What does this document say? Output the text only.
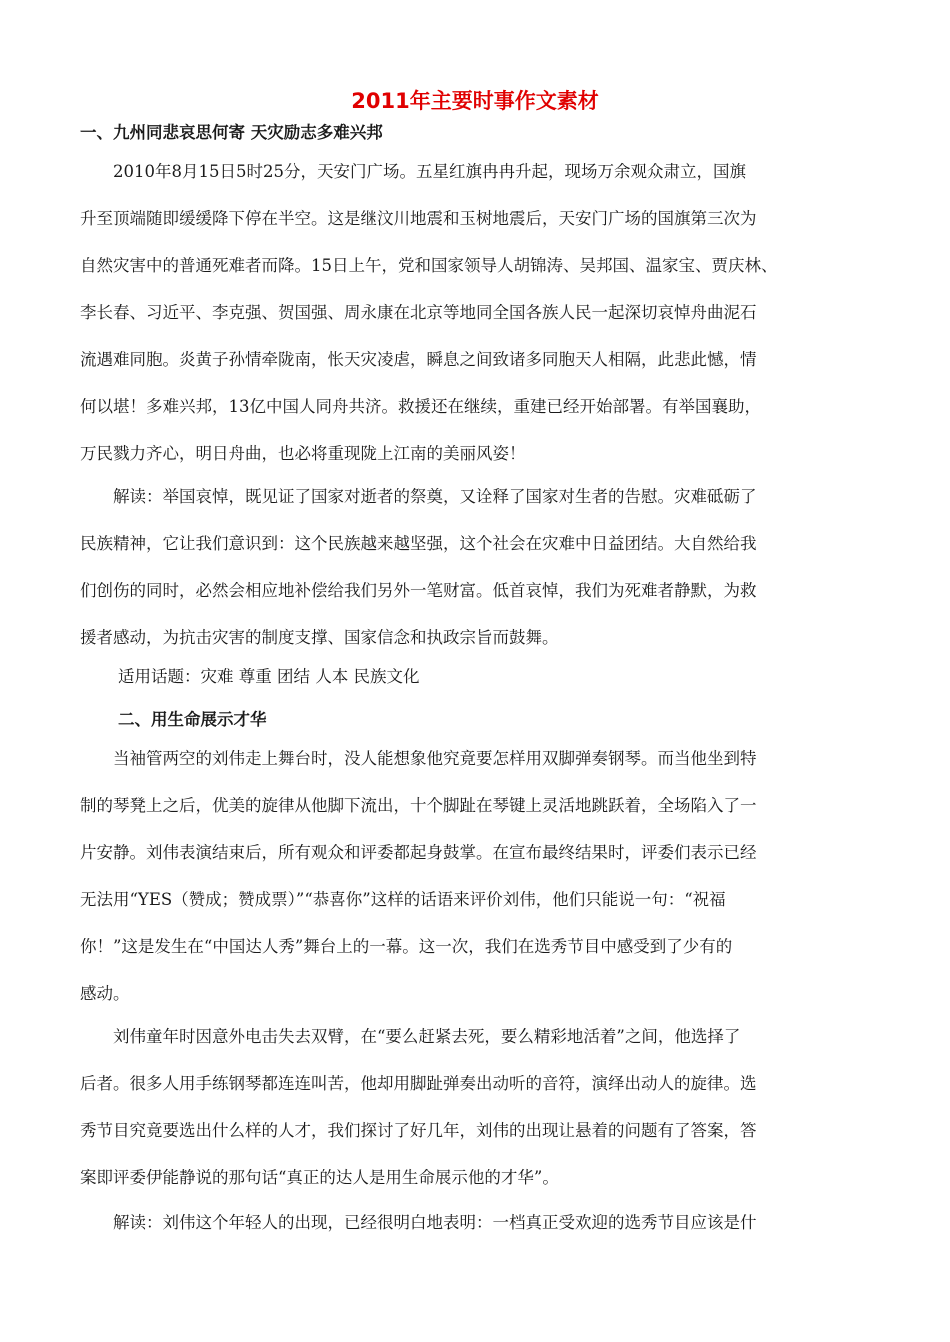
2011年主要时事作文素材
一、九州同悲哀思何寄 天灾励志多难兴邦

　　2010年8月15日5时25分，天安门广场。五星红旗冉冉升起，现场万余观众肃立，国旗
升至顶端随即缓缓降下停在半空。这是继汶川地震和玉树地震后，天安门广场的国旗第三次为
自然灾害中的普通死难者而降。15日上午，党和国家领导人胡锦涛、吴邦国、温家宝、贾庆林、
李长春、习近平、李克强、贺国强、周永康在北京等地同全国各族人民一起深切哀悼舟曲泥石
流遇难同胞。炎黄子孙情牵陇南，怅天灾凌虐，瞬息之间致诸多同胞天人相隔，此悲此憾，情
何以堪！多难兴邦，13亿中国人同舟共济。救援还在继续，重建已经开始部署。有举国襄助，
万民戮力齐心，明日舟曲，也必将重现陇上江南的美丽风姿！

　　解读：举国哀悼，既见证了国家对逝者的祭奠，又诠释了国家对生者的告慰。灾难砥砺了
民族精神，它让我们意识到：这个民族越来越坚强，这个社会在灾难中日益团结。大自然给我
们创伤的同时，必然会相应地补偿给我们另外一笔财富。低首哀悼，我们为死难者静默，为救
援者感动，为抗击灾害的制度支撑、国家信念和执政宗旨而鼓舞。

适用话题：灾难 尊重 团结 人本 民族文化

二、用生命展示才华

　　当袖管两空的刘伟走上舞台时，没人能想象他究竟要怎样用双脚弹奏钢琴。而当他坐到特
制的琴凳上之后，优美的旋律从他脚下流出，十个脚趾在琴键上灵活地跳跃着，全场陷入了一
片安静。刘伟表演结束后，所有观众和评委都起身鼓掌。在宣布最终结果时，评委们表示已经
无法用“YES（赞成；赞成票）”“恭喜你”这样的话语来评价刘伟，他们只能说一句：“祝福
你！”这是发生在“中国达人秀”舞台上的一幕。这一次，我们在选秀节目中感受到了少有的
感动。

　　刘伟童年时因意外电击失去双臂，在“要么赶紧去死，要么精彩地活着”之间，他选择了
后者。很多人用手练钢琴都连连叫苦，他却用脚趾弹奏出动听的音符，演绎出动人的旋律。选
秀节目究竟要选出什么样的人才，我们探讨了好几年，刘伟的出现让悬着的问题有了答案，答
案即评委伊能静说的那句话“真正的达人是用生命展示他的才华”。

　　解读：刘伟这个年轻人的出现，已经很明白地表明：一档真正受欢迎的选秀节目应该是什
